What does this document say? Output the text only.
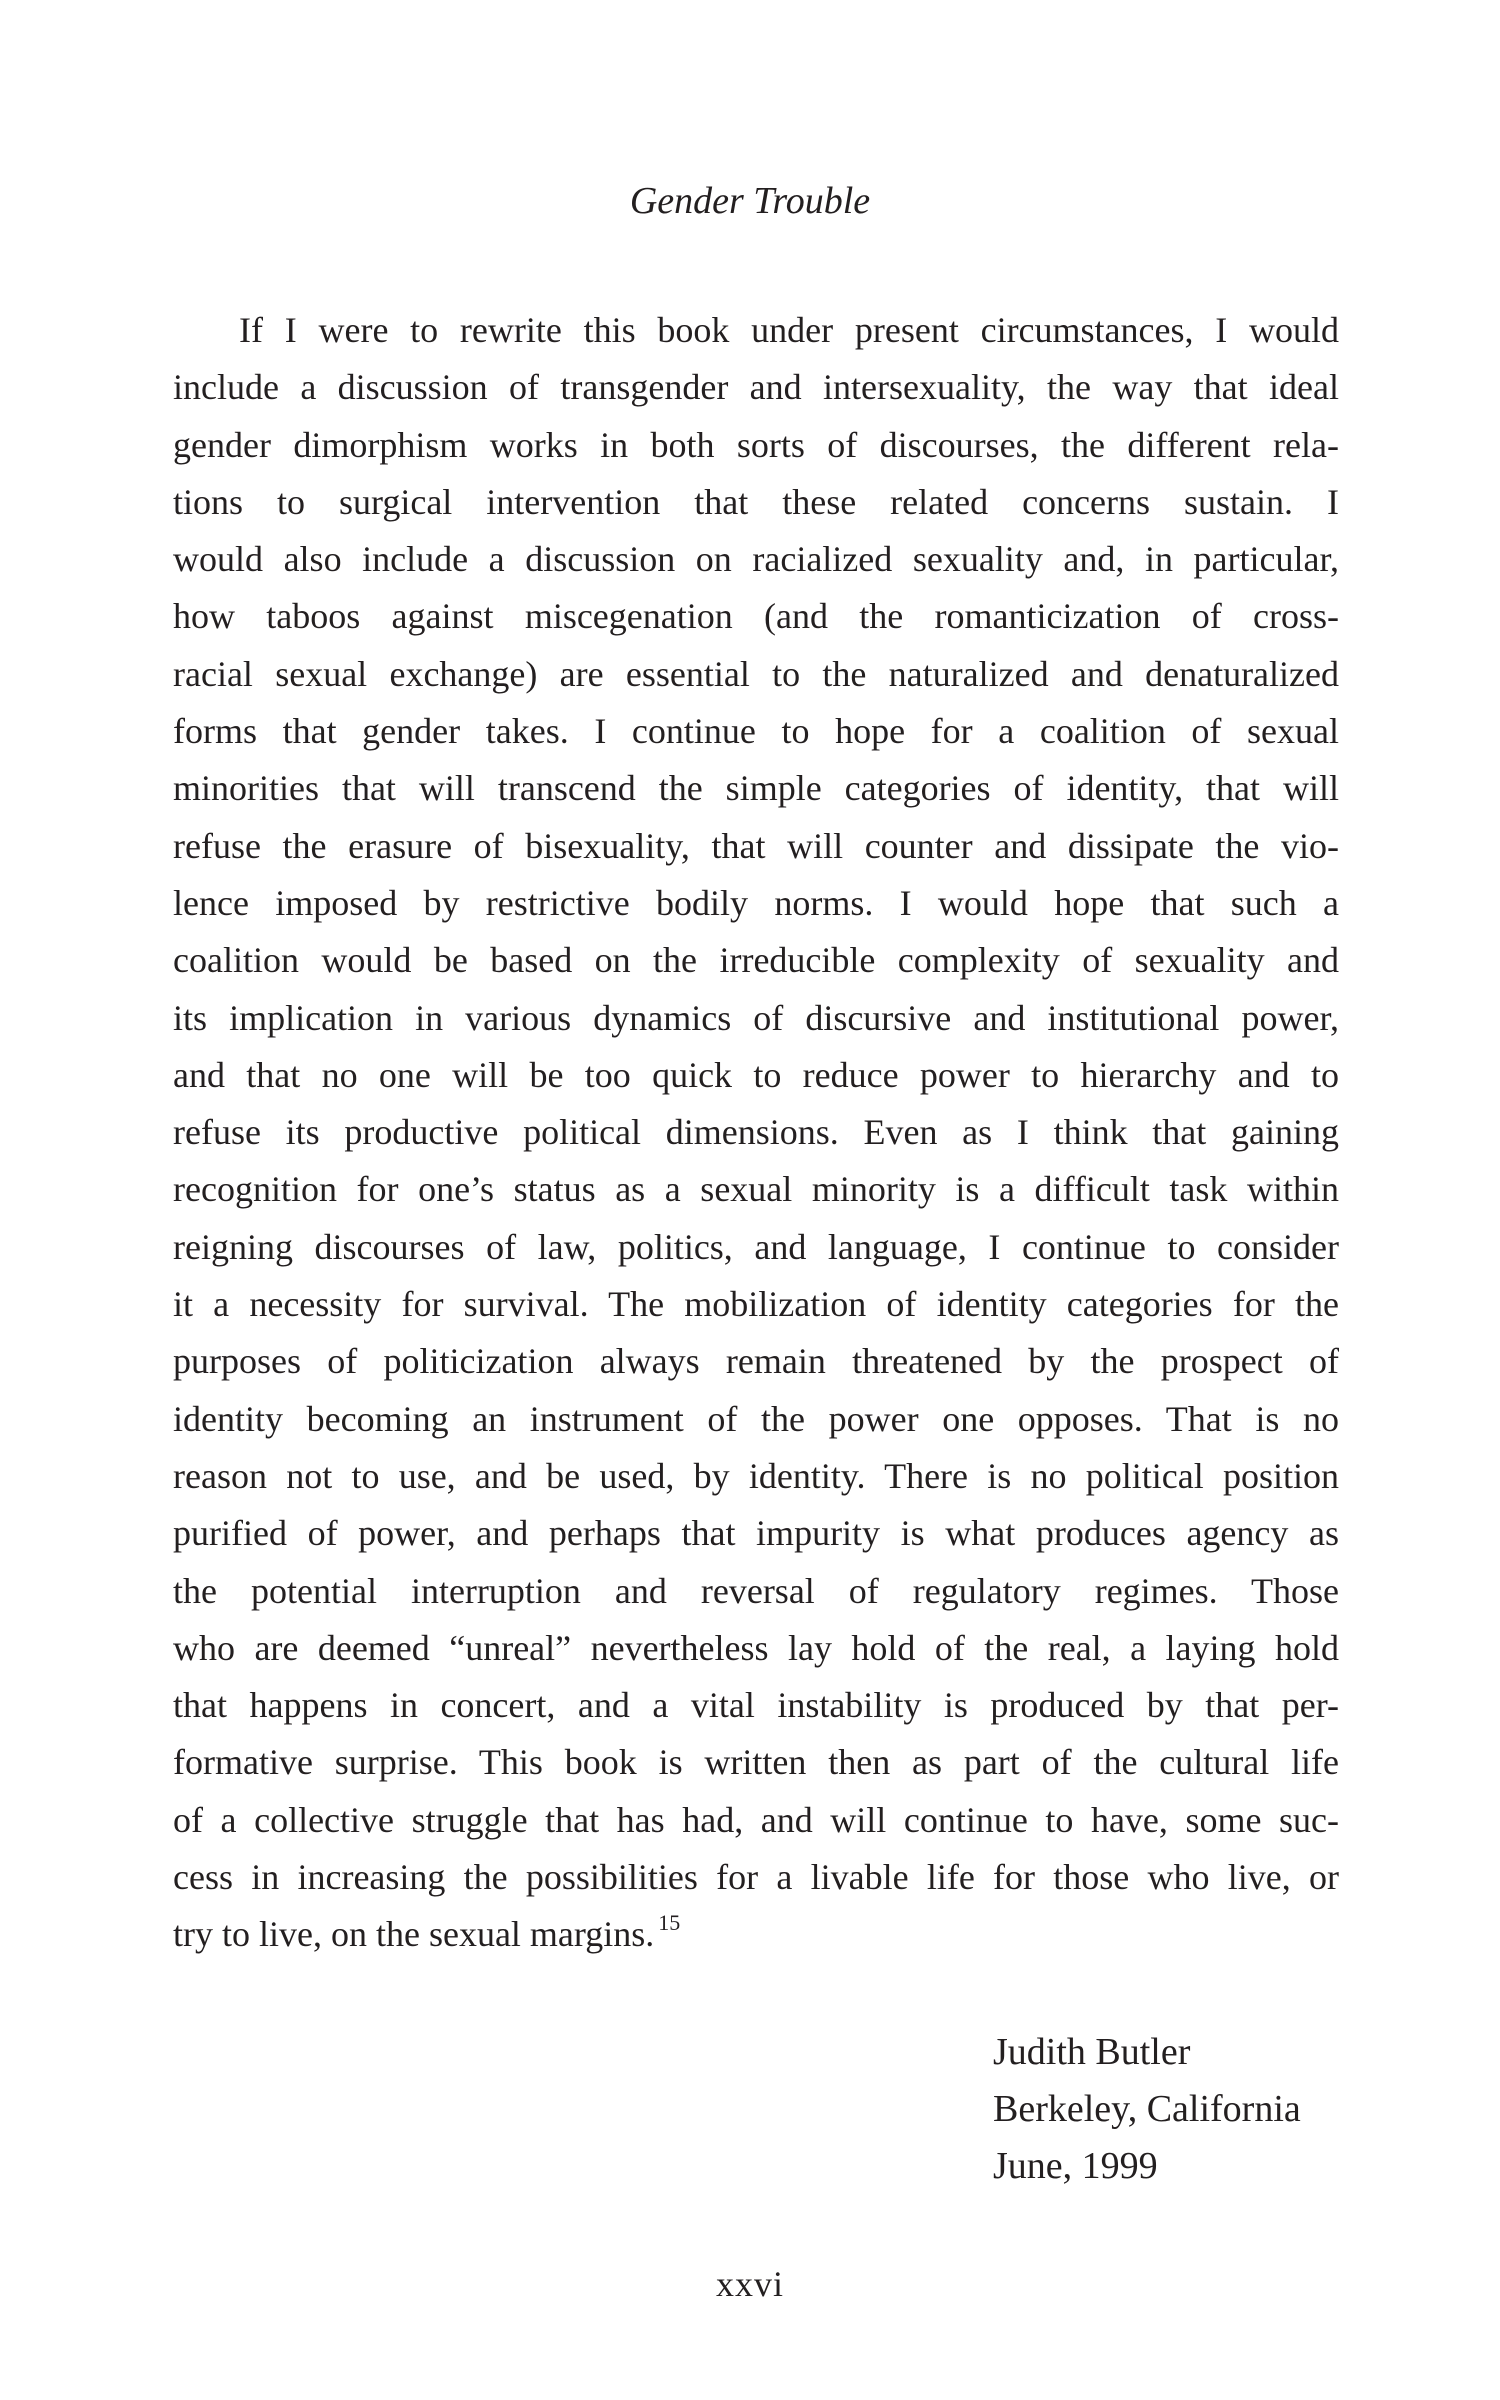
Gender Trouble

If I were to rewrite this book under present circumstances, I would
include a discussion of transgender and intersexuality, the way that ideal
gender dimorphism works in both sorts of discourses, the different rela-
tions to surgical intervention that these related concerns sustain. I
would also include a discussion on racialized sexuality and, in particular,
how taboos against miscegenation (and the romanticization of cross-
racial sexual exchange) are essential to the naturalized and denaturalized
forms that gender takes. I continue to hope for a coalition of sexual
minorities that will transcend the simple categories of identity, that will
refuse the erasure of bisexuality, that will counter and dissipate the vio-
lence imposed by restrictive bodily norms. I would hope that such a
coalition would be based on the irreducible complexity of sexuality and
its implication in various dynamics of discursive and institutional power,
and that no one will be too quick to reduce power to hierarchy and to
refuse its productive political dimensions. Even as I think that gaining
recognition for one’s status as a sexual minority is a difficult task within
reigning discourses of law, politics, and language, I continue to consider
it a necessity for survival. The mobilization of identity categories for the
purposes of politicization always remain threatened by the prospect of
identity becoming an instrument of the power one opposes. That is no
reason not to use, and be used, by identity. There is no political position
purified of power, and perhaps that impurity is what produces agency as
the potential interruption and reversal of regulatory regimes. Those
who are deemed “unreal” nevertheless lay hold of the real, a laying hold
that happens in concert, and a vital instability is produced by that per-
formative surprise. This book is written then as part of the cultural life
of a collective struggle that has had, and will continue to have, some suc-
cess in increasing the possibilities for a livable life for those who live, or
try to live, on the sexual margins. $^{15}$

Judith Butler
Berkeley, California
June, 1999
xxvi
